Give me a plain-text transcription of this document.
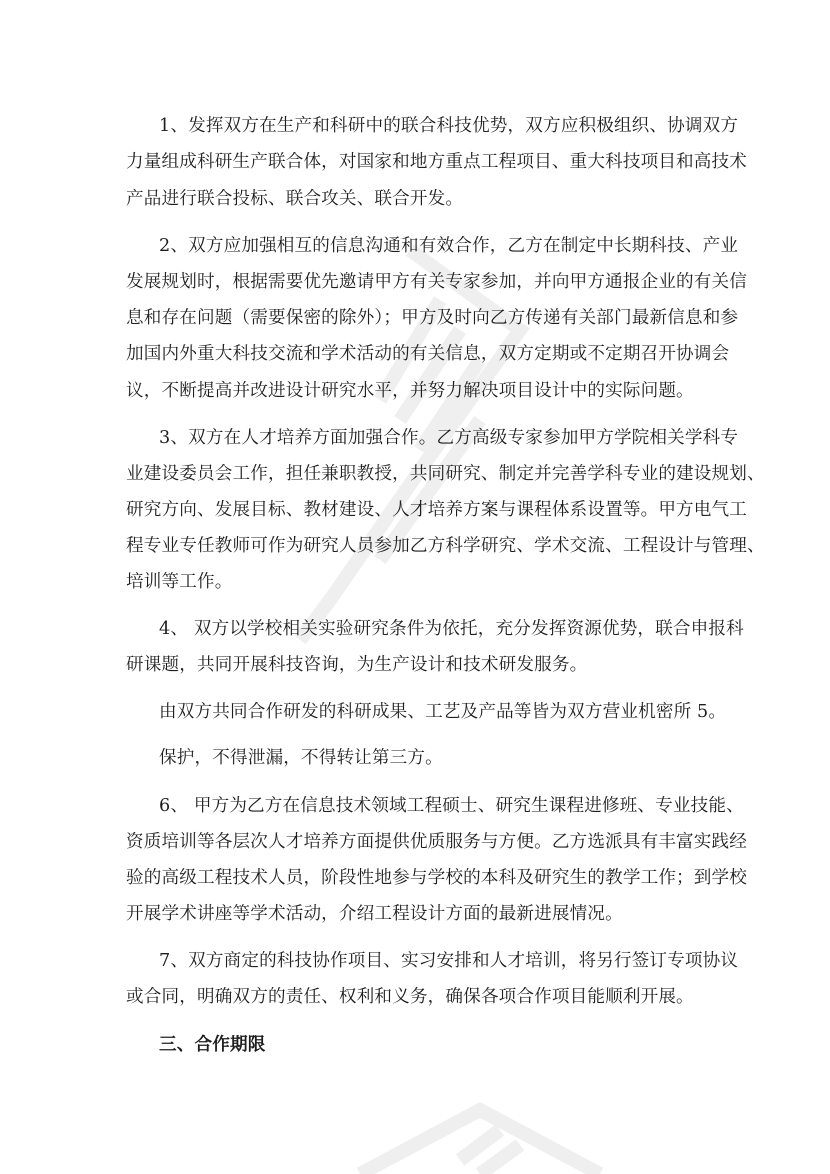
1、发挥双方在生产和科研中的联合科技优势，双方应积极组织、协调双方
力量组成科研生产联合体，对国家和地方重点工程项目、重大科技项目和高技术
产品进行联合投标、联合攻关、联合开发。
2、双方应加强相互的信息沟通和有效合作，乙方在制定中长期科技、产业
发展规划时，根据需要优先邀请甲方有关专家参加，并向甲方通报企业的有关信
息和存在问题（需要保密的除外）；甲方及时向乙方传递有关部门最新信息和参
加国内外重大科技交流和学术活动的有关信息，双方定期或不定期召开协调会
议，不断提高并改进设计研究水平，并努力解决项目设计中的实际问题。
3、双方在人才培养方面加强合作。乙方高级专家参加甲方学院相关学科专
业建设委员会工作，担任兼职教授，共同研究、制定并完善学科专业的建设规划、
研究方向、发展目标、教材建设、人才培养方案与课程体系设置等。甲方电气工
程专业专任教师可作为研究人员参加乙方科学研究、学术交流、工程设计与管理、
培训等工作。
4、 双方以学校相关实验研究条件为依托，充分发挥资源优势，联合申报科
研课题，共同开展科技咨询，为生产设计和技术研发服务。
由双方共同合作研发的科研成果、工艺及产品等皆为双方营业机密所 5。
保护，不得泄漏，不得转让第三方。
6、 甲方为乙方在信息技术领域工程硕士、研究生课程进修班、专业技能、
资质培训等各层次人才培养方面提供优质服务与方便。乙方选派具有丰富实践经
验的高级工程技术人员，阶段性地参与学校的本科及研究生的教学工作；到学校
开展学术讲座等学术活动，介绍工程设计方面的最新进展情况。
7、双方商定的科技协作项目、实习安排和人才培训，将另行签订专项协议
或合同，明确双方的责任、权利和义务，确保各项合作项目能顺利开展。
三、合作期限
